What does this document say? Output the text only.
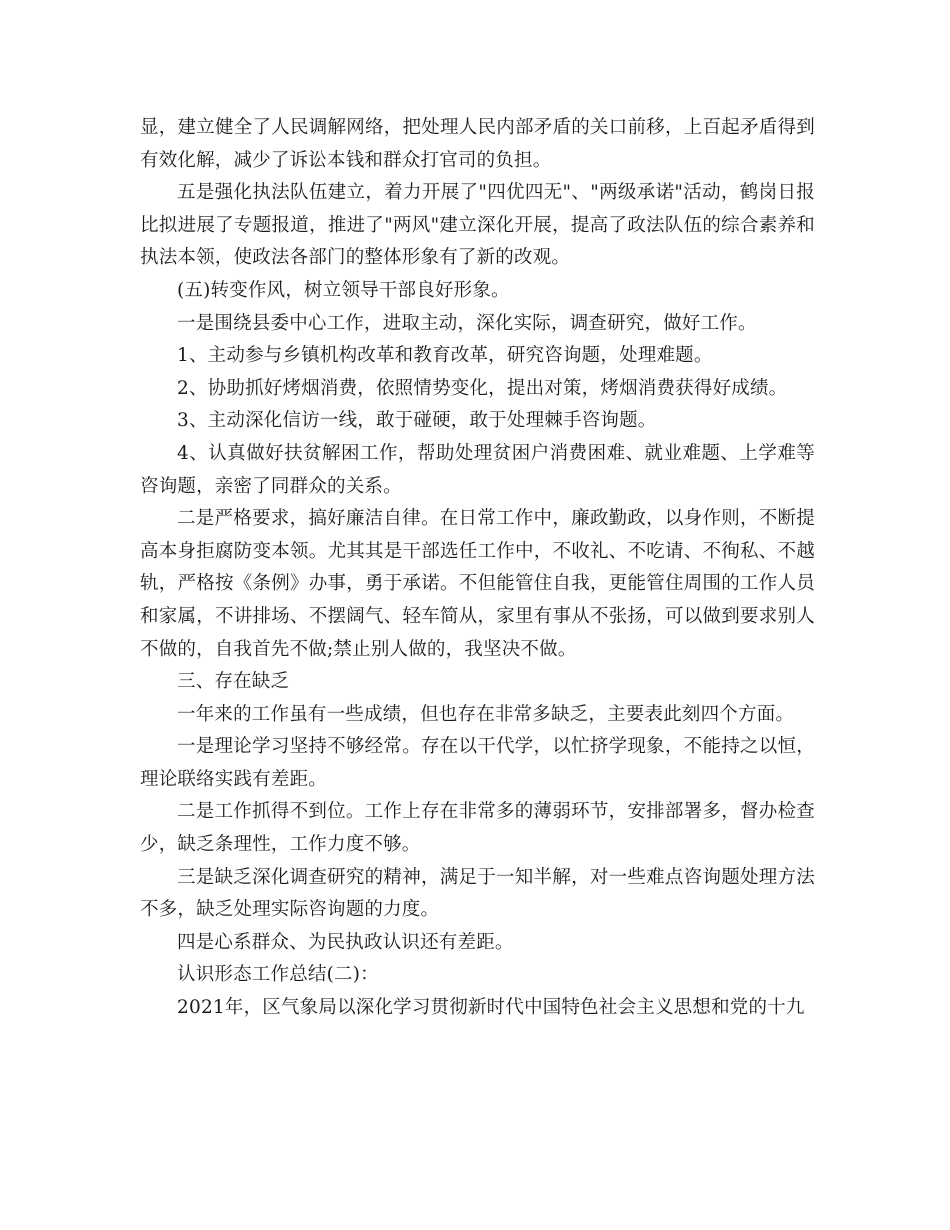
显，建立健全了人民调解网络，把处理人民内部矛盾的关口前移，上百起矛盾得到有效化解，减少了诉讼本钱和群众打官司的负担。

五是强化执法队伍建立，着力开展了"四优四无"、"两级承诺"活动，鹤岗日报比拟进展了专题报道，推进了"两风"建立深化开展，提高了政法队伍的综合素养和执法本领，使政法各部门的整体形象有了新的改观。

(五)转变作风，树立领导干部良好形象。

一是围绕县委中心工作，进取主动，深化实际，调查研究，做好工作。

1、主动参与乡镇机构改革和教育改革，研究咨询题，处理难题。

2、协助抓好烤烟消费，依照情势变化，提出对策，烤烟消费获得好成绩。

3、主动深化信访一线，敢于碰硬，敢于处理棘手咨询题。

4、认真做好扶贫解困工作，帮助处理贫困户消费困难、就业难题、上学难等咨询题，亲密了同群众的关系。

二是严格要求，搞好廉洁自律。在日常工作中，廉政勤政，以身作则，不断提高本身拒腐防变本领。尤其其是干部选任工作中，不收礼、不吃请、不徇私、不越轨，严格按《条例》办事，勇于承诺。不但能管住自我，更能管住周围的工作人员和家属，不讲排场、不摆阔气、轻车简从，家里有事从不张扬，可以做到要求别人不做的，自我首先不做;禁止别人做的，我坚决不做。

三、存在缺乏

一年来的工作虽有一些成绩，但也存在非常多缺乏，主要表此刻四个方面。

一是理论学习坚持不够经常。存在以干代学，以忙挤学现象，不能持之以恒，理论联络实践有差距。

二是工作抓得不到位。工作上存在非常多的薄弱环节，安排部署多，督办检查少，缺乏条理性，工作力度不够。

三是缺乏深化调查研究的精神，满足于一知半解，对一些难点咨询题处理方法不多，缺乏处理实际咨询题的力度。

四是心系群众、为民执政认识还有差距。

认识形态工作总结(二)：

2021年，区气象局以深化学习贯彻新时代中国特色社会主义思想和党的十九
